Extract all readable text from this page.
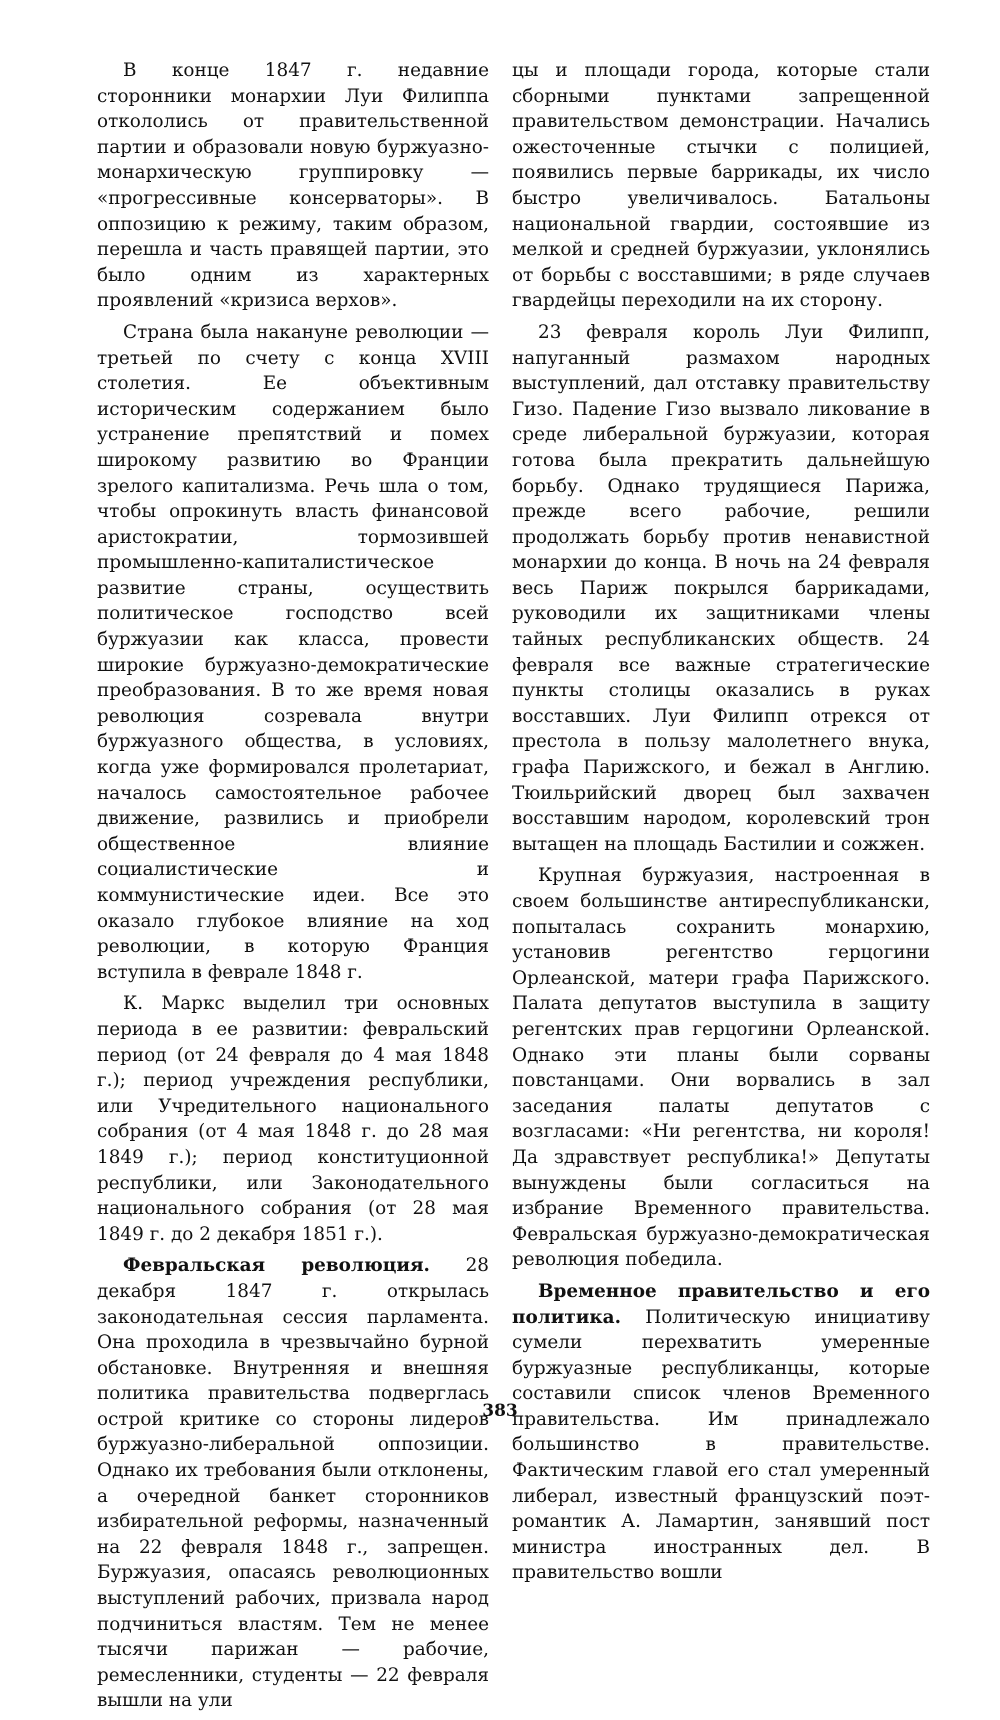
В конце 1847 г. недавние сторонники монархии Луи Филиппа откололись от правительственной партии и образовали новую буржуазно-монархическую группировку — «прогрессивные консерваторы». В оппозицию к режиму, таким образом, перешла и часть правящей партии, это было одним из характерных проявлений «кризиса верхов».

Страна была накануне революции — третьей по счету с конца XVIII столетия. Ее объективным историческим содержанием было устранение препятствий и помех широкому развитию во Франции зрелого капитализма. Речь шла о том, чтобы опрокинуть власть финансовой аристократии, тормозившей промышленно-капиталистическое развитие страны, осуществить политическое господство всей буржуазии как класса, провести широкие буржуазно-демократические преобразования. В то же время новая революция созревала внутри буржуазного общества, в условиях, когда уже формировался пролетариат, началось самостоятельное рабочее движение, развились и приобрели общественное влияние социалистические и коммунистические идеи. Все это оказало глубокое влияние на ход революции, в которую Франция вступила в феврале 1848 г.

К. Маркс выделил три основных периода в ее развитии: февральский период (от 24 февраля до 4 мая 1848 г.); период учреждения республики, или Учредительного национального собрания (от 4 мая 1848 г. до 28 мая 1849 г.); период конституционной республики, или Законодательного национального собрания (от 28 мая 1849 г. до 2 декабря 1851 г.).

Февральская революция. 28 декабря 1847 г. открылась законодательная сессия парламента. Она проходила в чрезвычайно бурной обстановке. Внутренняя и внешняя политика правительства подверглась острой критике со стороны лидеров буржуазно-либеральной оппозиции. Однако их требования были отклонены, а очередной банкет сторонников избирательной реформы, назначенный на 22 февраля 1848 г., запрещен. Буржуазия, опасаясь революционных выступлений рабочих, призвала народ подчиниться властям. Тем не менее тысячи парижан — рабочие, ремесленники, студенты — 22 февраля вышли на ули

цы и площади города, которые стали сборными пунктами запрещенной правительством демонстрации. Начались ожесточенные стычки с полицией, появились первые баррикады, их число быстро увеличивалось. Батальоны национальной гвардии, состоявшие из мелкой и средней буржуазии, уклонялись от борьбы с восставшими; в ряде случаев гвардейцы переходили на их сторону.

23 февраля король Луи Филипп, напуганный размахом народных выступлений, дал отставку правительству Гизо. Падение Гизо вызвало ликование в среде либеральной буржуазии, которая готова была прекратить дальнейшую борьбу. Однако трудящиеся Парижа, прежде всего рабочие, решили продолжать борьбу против ненавистной монархии до конца. В ночь на 24 февраля весь Париж покрылся баррикадами, руководили их защитниками члены тайных республиканских обществ. 24 февраля все важные стратегические пункты столицы оказались в руках восставших. Луи Филипп отрекся от престола в пользу малолетнего внука, графа Парижского, и бежал в Англию. Тюильрийский дворец был захвачен восставшим народом, королевский трон вытащен на площадь Бастилии и сожжен.

Крупная буржуазия, настроенная в своем большинстве антиреспубликански, попыталась сохранить монархию, установив регентство герцогини Орлеанской, матери графа Парижского. Палата депутатов выступила в защиту регентских прав герцогини Орлеанской. Однако эти планы были сорваны повстанцами. Они ворвались в зал заседания палаты депутатов с возгласами: «Ни регентства, ни короля! Да здравствует республика!» Депутаты вынуждены были согласиться на избрание Временного правительства. Февральская буржуазно-демократическая революция победила.

Временное правительство и его политика. Политическую инициативу сумели перехватить умеренные буржуазные республиканцы, которые составили список членов Временного правительства. Им принадлежало большинство в правительстве. Фактическим главой его стал умеренный либерал, известный французский поэт-романтик А. Ламартин, занявший пост министра иностранных дел. В правительство вошли

383
